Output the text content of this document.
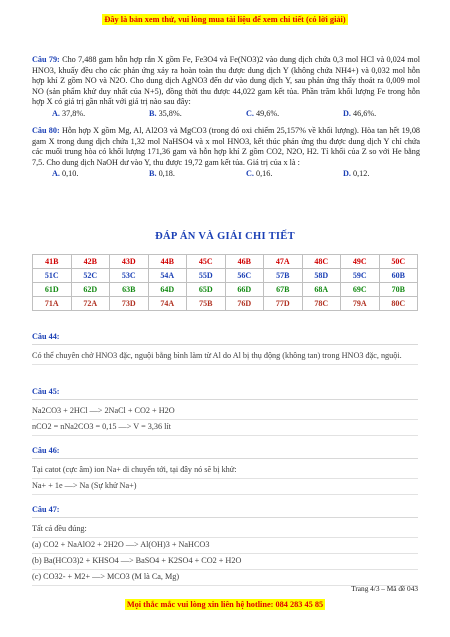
Đây là bản xem thử, vui lòng mua tài liệu để xem chi tiết (có lời giải)
Câu 79: Cho 7,488 gam hỗn hợp rắn X gồm Fe, Fe3O4 và Fe(NO3)2 vào dung dịch chứa 0,3 mol HCl và 0,024 mol HNO3, khuấy đều cho các phản ứng xảy ra hoàn toàn thu được dung dịch Y (không chứa NH4+) và 0,032 mol hỗn hợp khí Z gồm NO và N2O. Cho dung dịch AgNO3 đến dư vào dung dịch Y, sau phản ứng thấy thoát ra 0,009 mol NO (sản phẩm khử duy nhất của N+5), đồng thời thu được 44,022 gam kết tủa. Phần trăm khối lượng Fe trong hỗn hợp X có giá trị gần nhất với giá trị nào sau đây:
A. 37,8%.	B. 35,8%.	C. 49,6%.	D. 46,6%.
Câu 80: Hỗn hợp X gồm Mg, Al, Al2O3 và MgCO3 (trong đó oxi chiếm 25,157% về khối lượng). Hòa tan hết 19,08 gam X trong dung dịch chứa 1,32 mol NaHSO4 và x mol HNO3, kết thúc phản ứng thu được dung dịch Y chỉ chứa các muối trung hòa có khối lượng 171,36 gam và hỗn hợp khí Z gồm CO2, N2O, H2. Tỉ khối của Z so với He bằng 7,5. Cho dung dịch NaOH dư vào Y, thu được 19,72 gam kết tủa. Giá trị của x là :
A. 0,10.	B. 0,18.	C. 0,16.	D. 0,12.
ĐÁP ÁN VÀ GIẢI CHI TIẾT
41B	42B	43D	44B	45C	46B	47A	48C	49C	50C
51C	52C	53C	54A	55D	56C	57B	58D	59C	60B
61D	62D	63B	64D	65D	66D	67B	68A	69C	70B
71A	72A	73D	74A	75B	76D	77D	78C	79A	80C
Câu 44:
Có thể chuyên chở HNO3 đặc, nguội bằng bình làm từ Al do Al bị thụ động (không tan) trong HNO3 đặc, nguội.
Câu 45:
Na2CO3 + 2HCl —> 2NaCl + CO2 + H2O
nCO2 = nNa2CO3 = 0,15 —> V = 3,36 lít
Câu 46:
Tại catot (cực âm) ion Na+ di chuyển tới, tại đây nó sẽ bị khử:
Na+ + 1e —> Na (Sự khử Na+)
Câu 47:
Tất cả đều đúng:
(a) CO2 + NaAlO2 + 2H2O —> Al(OH)3 + NaHCO3
(b) Ba(HCO3)2 + KHSO4 —> BaSO4 + K2SO4 + CO2 + H2O
(c) CO32- + M2+ —> MCO3 (M là Ca, Mg)
Trang 4/3 – Mã đề 043
Mọi thắc mắc vui lòng xin liên hệ hotline: 084 283 45 85
